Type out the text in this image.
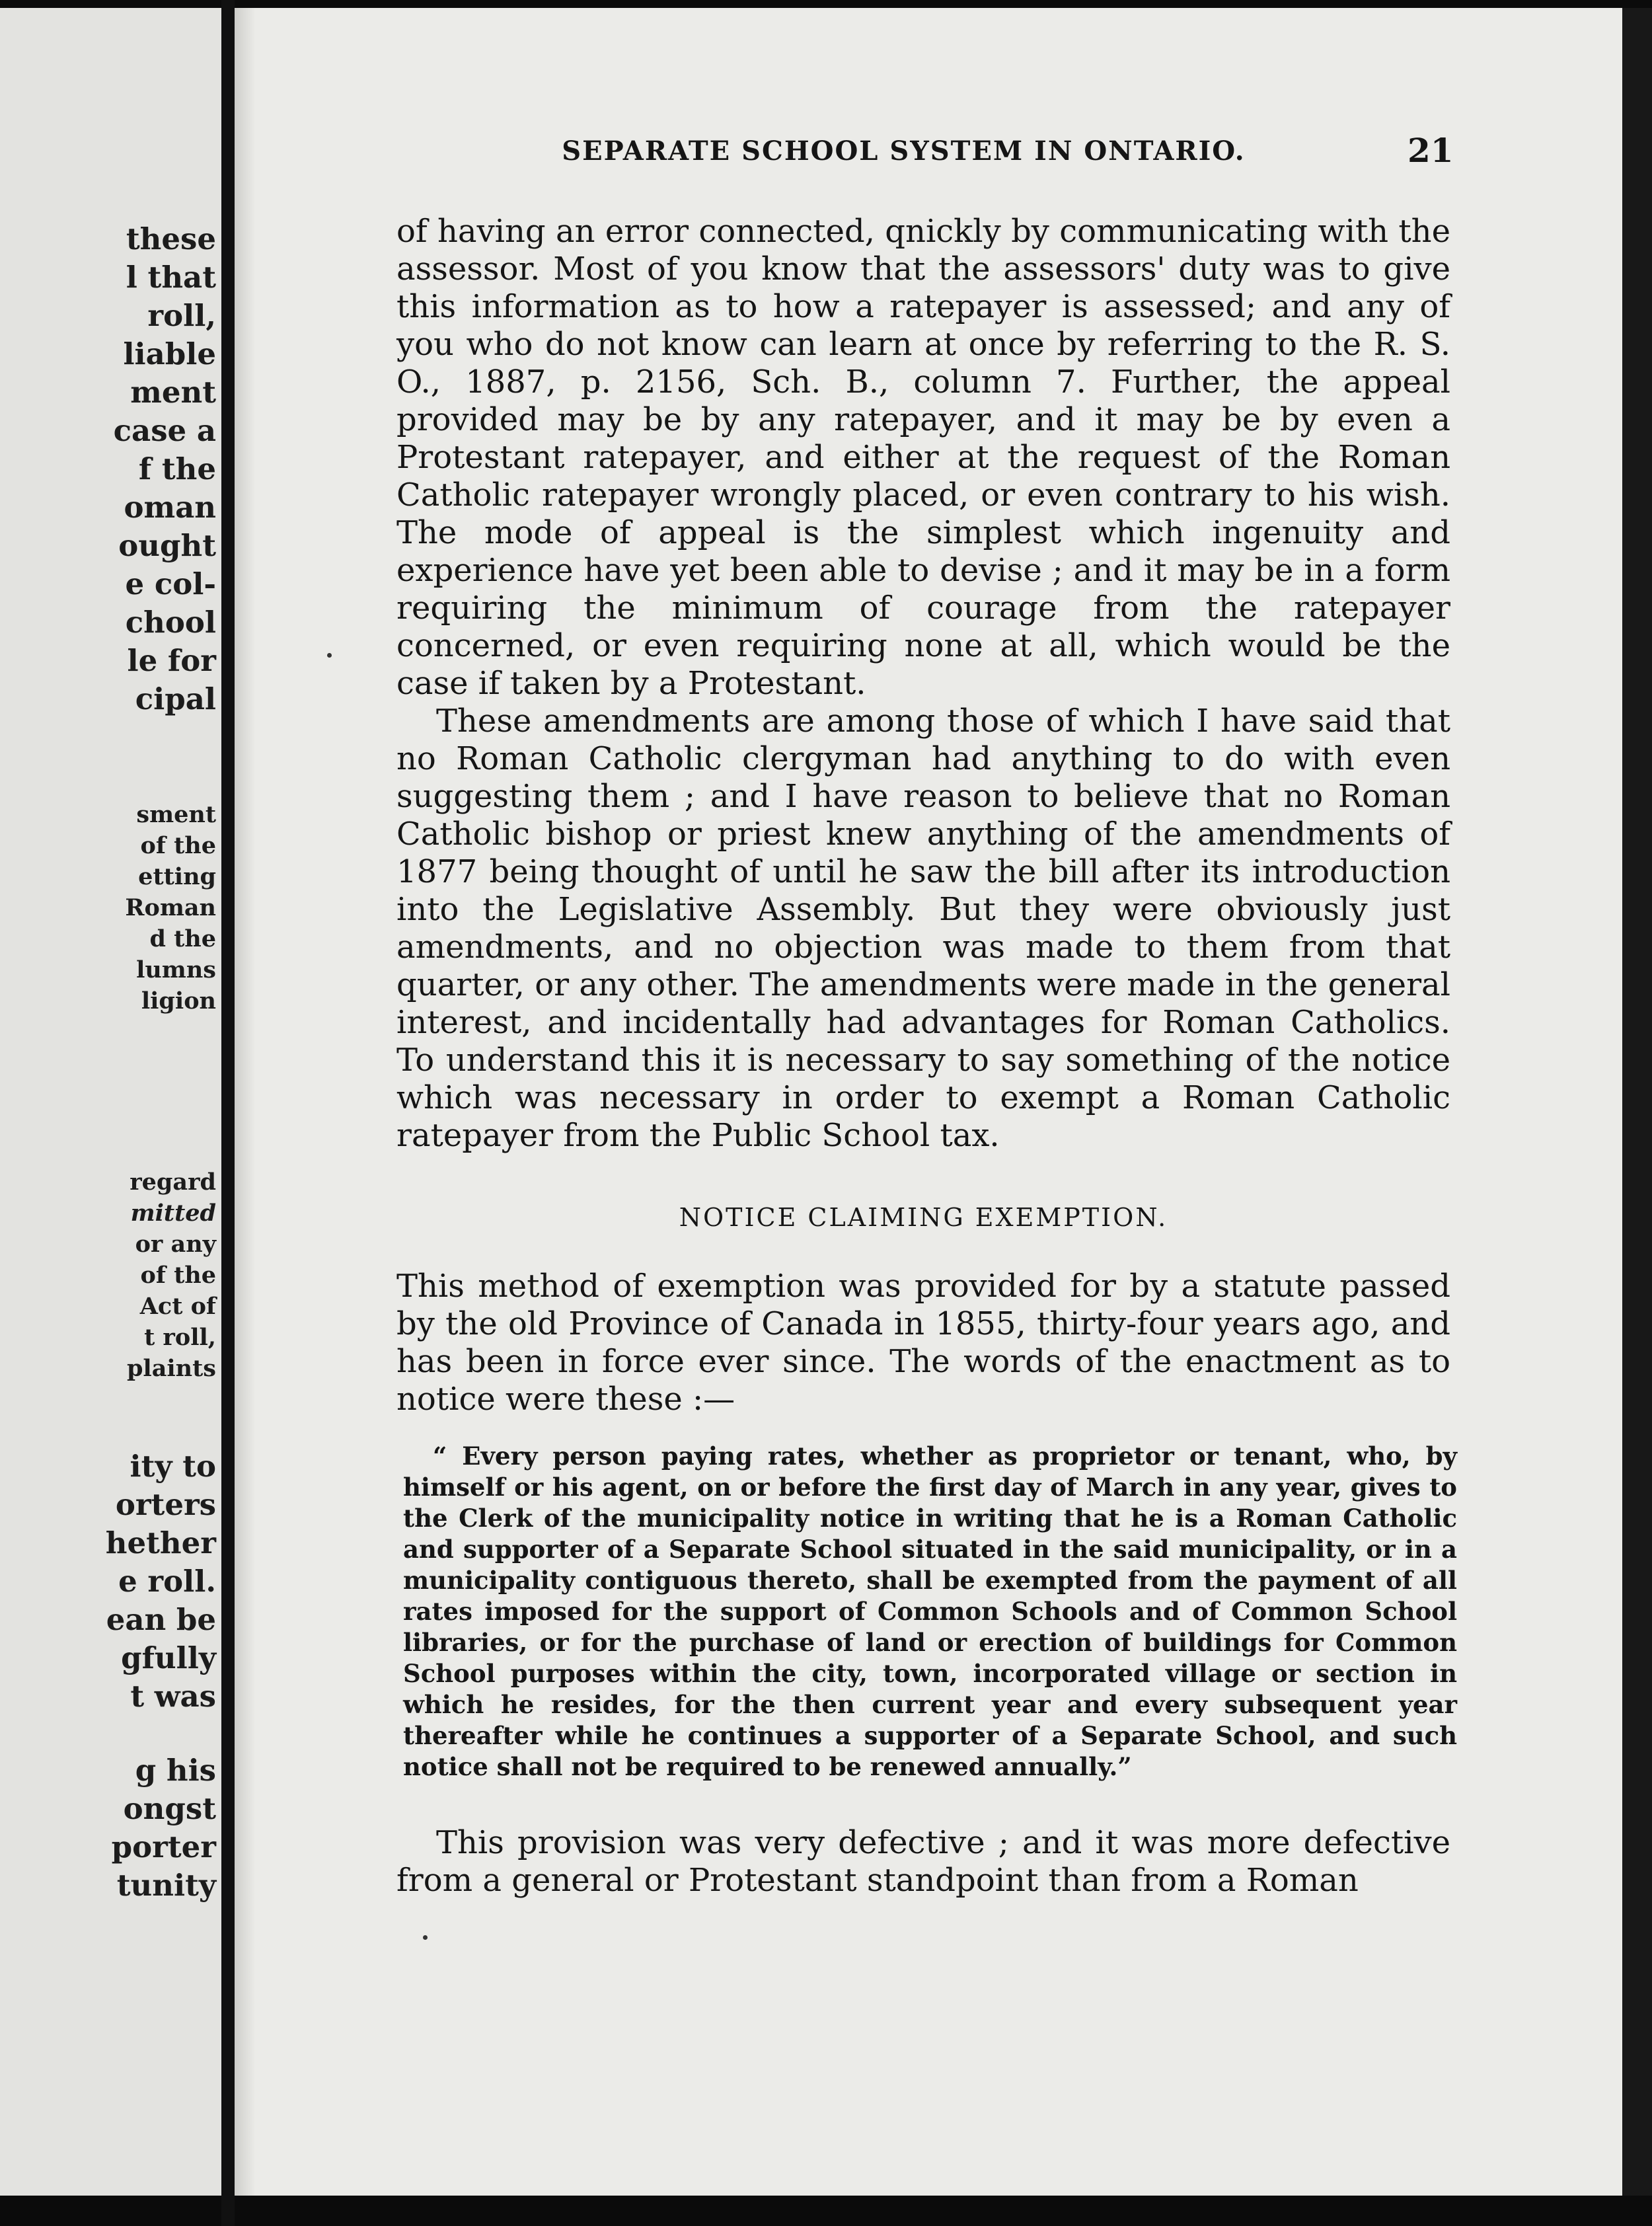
these
l that
roll,
liable
ment
case a
f the
oman
ought
e col-
chool
le for
cipal
sment
of the
etting
Roman
d the
lumns
ligion
regard
mitted
or any
of the
Act of
t roll,
plaints
ity to
orters
hether
e roll.
ean be
gfully
t was
g his
ongst
porter
tunity
SEPARATE SCHOOL SYSTEM IN ONTARIO.	21

of having an error connected, qnickly by communicating with the assessor. Most of you know that the assessors' duty was to give this information as to how a ratepayer is assessed; and any of you who do not know can learn at once by referring to the R. S. O., 1887, p. 2156, Sch. B., column 7. Further, the appeal provided may be by any ratepayer, and it may be by even a Protestant ratepayer, and either at the request of the Roman Catholic ratepayer wrongly placed, or even contrary to his wish. The mode of appeal is the simplest which ingenuity and experience have yet been able to devise ; and it may be in a form requiring the minimum of courage from the ratepayer concerned, or even requiring none at all, which would be the case if taken by a Protestant.

These amendments are among those of which I have said that no Roman Catholic clergyman had anything to do with even suggesting them ; and I have reason to believe that no Roman Catholic bishop or priest knew anything of the amendments of 1877 being thought of until he saw the bill after its introduction into the Legislative Assembly. But they were obviously just amendments, and no objection was made to them from that quarter, or any other. The amendments were made in the general interest, and incidentally had advantages for Roman Catholics. To understand this it is necessary to say something of the notice which was necessary in order to exempt a Roman Catholic ratepayer from the Public School tax.

NOTICE CLAIMING EXEMPTION.

This method of exemption was provided for by a statute passed by the old Province of Canada in 1855, thirty-four years ago, and has been in force ever since. The words of the enactment as to notice were these :—

“ Every person paying rates, whether as proprietor or tenant, who, by himself or his agent, on or before the first day of March in any year, gives to the Clerk of the municipality notice in writing that he is a Roman Catholic and supporter of a Separate School situated in the said municipality, or in a municipality contiguous thereto, shall be exempted from the payment of all rates imposed for the support of Common Schools and of Common School libraries, or for the purchase of land or erection of buildings for Common School purposes within the city, town, incorporated village or section in which he resides, for the then current year and every subsequent year thereafter while he continues a supporter of a Separate School, and such notice shall not be required to be renewed annually.”

This provision was very defective ; and it was more defective from a general or Protestant standpoint than from a Roman
